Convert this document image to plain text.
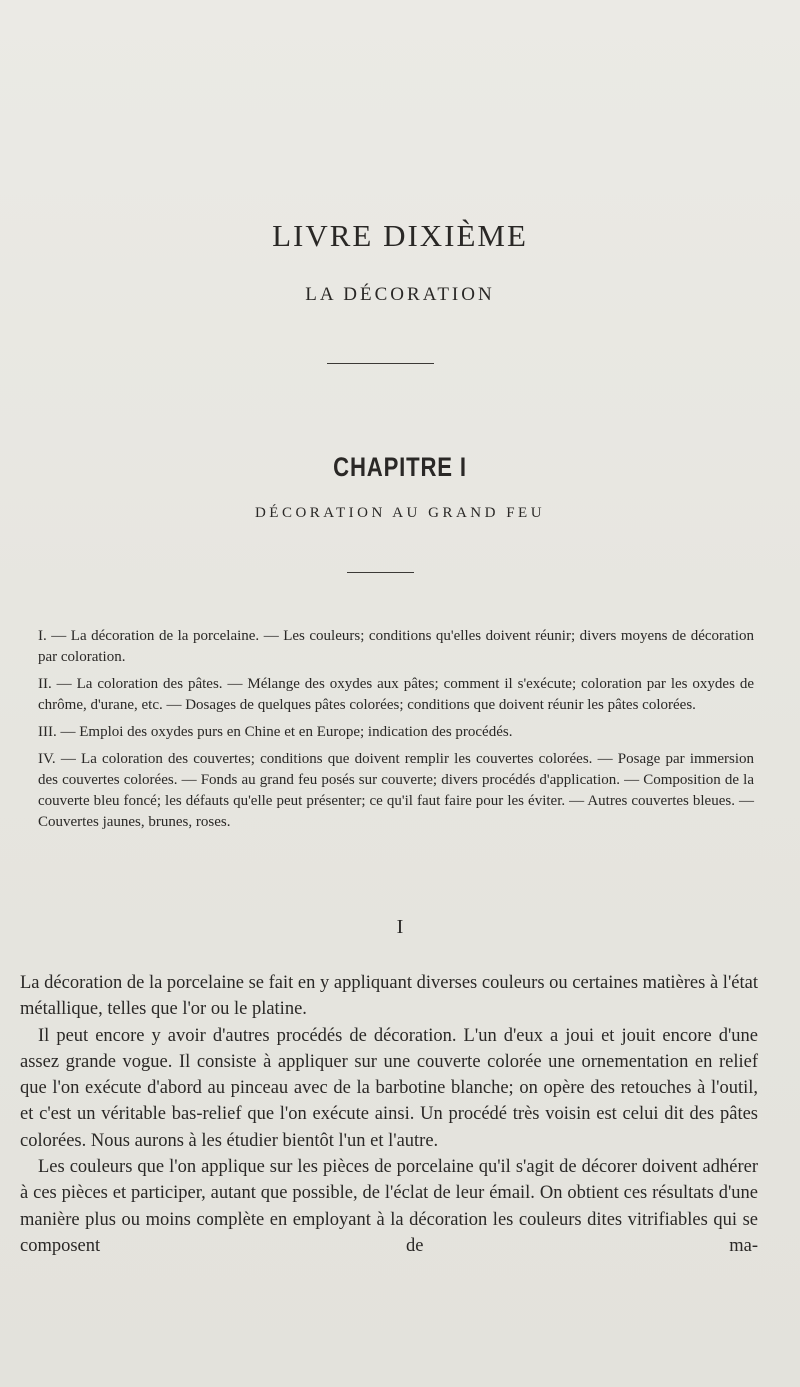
LIVRE DIXIÈME
LA DÉCORATION
CHAPITRE I
DÉCORATION AU GRAND FEU

I. — La décoration de la porcelaine. — Les couleurs; conditions qu'elles doivent réunir; divers moyens de décoration par coloration.

II. — La coloration des pâtes. — Mélange des oxydes aux pâtes; comment il s'exécute; coloration par les oxydes de chrôme, d'urane, etc. — Dosages de quelques pâtes colorées; conditions que doivent réunir les pâtes colorées.

III. — Emploi des oxydes purs en Chine et en Europe; indication des procédés.

IV. — La coloration des couvertes; conditions que doivent remplir les couvertes colorées. — Posage par immersion des couvertes colorées. — Fonds au grand feu posés sur couverte; divers procédés d'application. — Composition de la couverte bleu foncé; les défauts qu'elle peut présenter; ce qu'il faut faire pour les éviter. — Autres couvertes bleues. — Couvertes jaunes, brunes, roses.

I

La décoration de la porcelaine se fait en y appliquant diverses couleurs ou certaines matières à l'état métallique, telles que l'or ou le platine.

Il peut encore y avoir d'autres procédés de décoration. L'un d'eux a joui et jouit encore d'une assez grande vogue. Il consiste à appliquer sur une couverte colorée une ornementation en relief que l'on exécute d'abord au pinceau avec de la barbotine blanche; on opère des retouches à l'outil, et c'est un véritable bas-relief que l'on exécute ainsi. Un procédé très voisin est celui dit des pâtes colorées. Nous aurons à les étudier bientôt l'un et l'autre.

Les couleurs que l'on applique sur les pièces de porcelaine qu'il s'agit de décorer doivent adhérer à ces pièces et participer, autant que possible, de l'éclat de leur émail. On obtient ces résultats d'une manière plus ou moins complète en employant à la décoration les couleurs dites vitrifiables qui se composent de ma-
